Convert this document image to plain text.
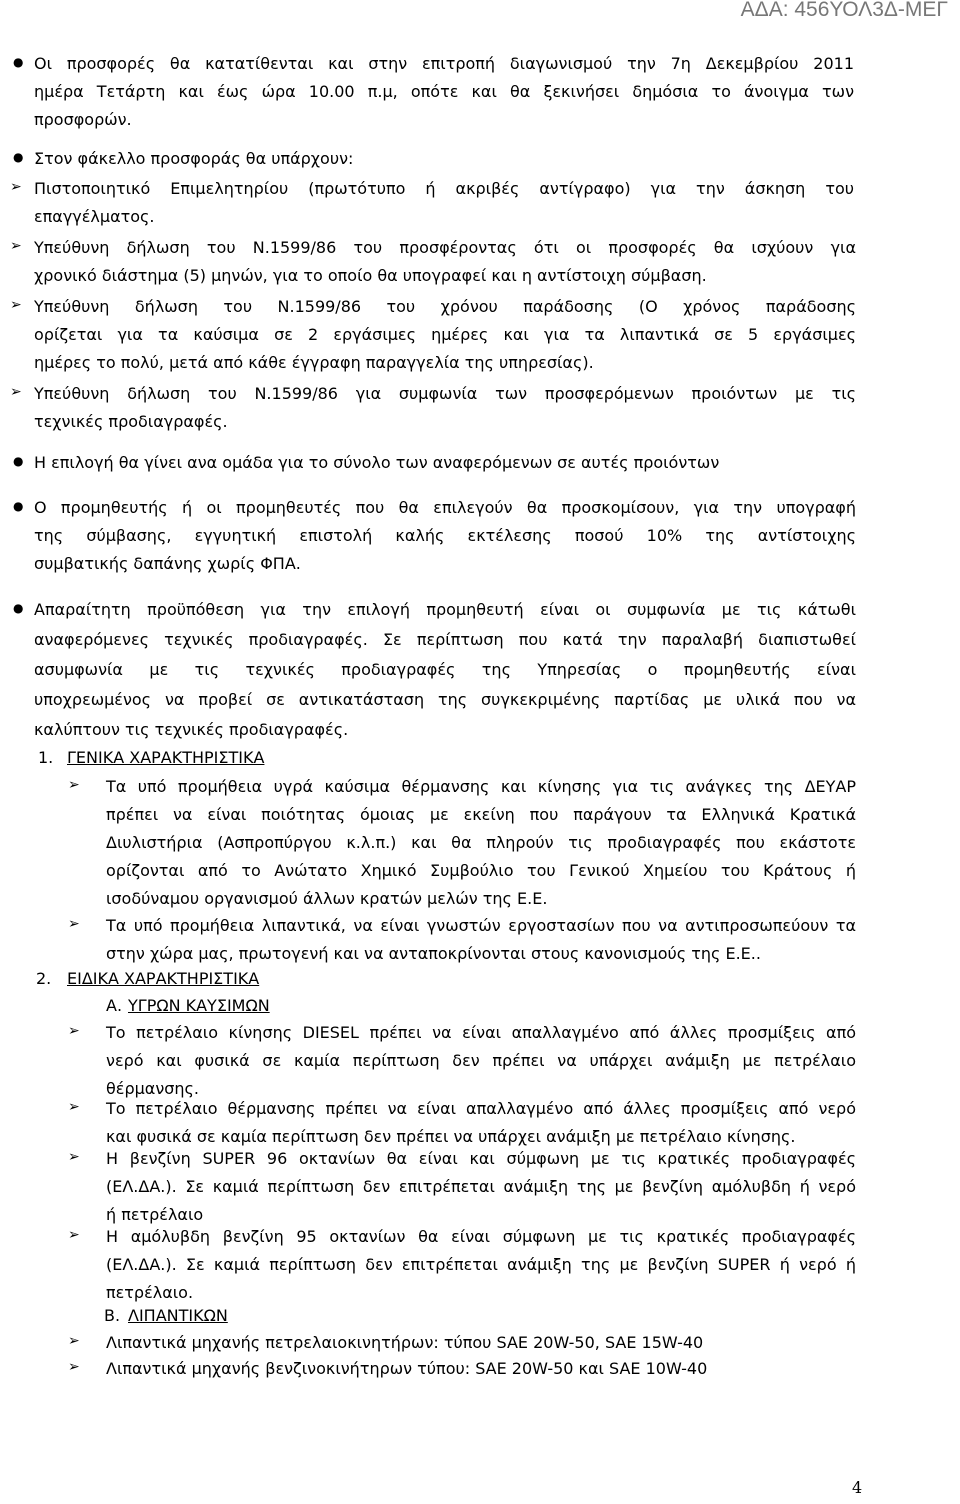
ΑΔΑ: 456ΥΟΛ3Δ-ΜΕΓ
● Οι προσφορές θα κατατίθενται και στην επιτροπή διαγωνισμού την 7η Δεκεμβρίου 2011
ημέρα Τετάρτη και έως ώρα 10.00 π.μ, οπότε και θα ξεκινήσει δημόσια το άνοιγμα των
προσφορών.
● Στον φάκελλο προσφοράς θα υπάρχουν:
➢ Πιστοποιητικό Επιμελητηρίου (πρωτότυπο ή ακριβές αντίγραφο) για την άσκηση του
επαγγέλματος.
➢ Υπεύθυνη δήλωση του Ν.1599/86 του προσφέροντας ότι οι προσφορές θα ισχύουν για
χρονικό διάστημα (5) μηνών, για το οποίο θα υπογραφεί και η αντίστοιχη σύμβαση.
➢ Υπεύθυνη δήλωση του Ν.1599/86 του χρόνου παράδοσης (Ο χρόνος παράδοσης
ορίζεται για τα καύσιμα σε 2 εργάσιμες ημέρες και για τα λιπαντικά σε 5 εργάσιμες
ημέρες το πολύ, μετά από κάθε έγγραφη παραγγελία της υπηρεσίας).
➢ Υπεύθυνη δήλωση του Ν.1599/86 για συμφωνία των προσφερόμενων προιόντων με τις
τεχνικές προδιαγραφές.
● Η επιλογή θα γίνει ανα ομάδα για το σύνολο των αναφερόμενων σε αυτές προιόντων
● Ο προμηθευτής ή οι προμηθευτές που θα επιλεγούν θα προσκομίσουν, για την υπογραφή
της σύμβασης, εγγυητική επιστολή καλής εκτέλεσης ποσού 10% της αντίστοιχης
συμβατικής δαπάνης χωρίς ΦΠΑ.
● Απαραίτητη προϋπόθεση για την επιλογή προμηθευτή είναι οι συμφωνία με τις κάτωθι
αναφερόμενες τεχνικές προδιαγραφές. Σε περίπτωση που κατά την παραλαβή διαπιστωθεί
ασυμφωνία με τις τεχνικές προδιαγραφές της Υπηρεσίας ο προμηθευτής είναι
υποχρεωμένος να προβεί σε αντικατάσταση της συγκεκριμένης παρτίδας με υλικά που να
καλύπτουν τις τεχνικές προδιαγραφές.
1. ΓΕΝΙΚΑ ΧΑΡΑΚΤΗΡΙΣΤΙΚΑ
➢ Τα υπό προμήθεια υγρά καύσιμα θέρμανσης και κίνησης για τις ανάγκες της ΔΕΥΑΡ
πρέπει να είναι ποιότητας όμοιας με εκείνη που παράγουν τα Ελληνικά Κρατικά
Διυλιστήρια (Ασπροπύργου κ.λ.π.) και θα πληρούν τις προδιαγραφές που εκάστοτε
ορίζονται από το Ανώτατο Χημικό Συμβούλιο του Γενικού Χημείου του Κράτους ή
ισοδύναμου οργανισμού άλλων κρατών μελών της Ε.Ε.
➢ Τα υπό προμήθεια λιπαντικά, να είναι γνωστών εργοστασίων που να αντιπροσωπεύουν τα
στην χώρα μας, πρωτογενή και να ανταποκρίνονται στους κανονισμούς της Ε.Ε..
2. ΕΙΔΙΚΑ ΧΑΡΑΚΤΗΡΙΣΤΙΚΑ
Α. ΥΓΡΩΝ ΚΑΥΣΙΜΩΝ
➢ Το πετρέλαιο κίνησης DIESEL πρέπει να είναι απαλλαγμένο από άλλες προσμίξεις από
νερό και φυσικά σε καμία περίπτωση δεν πρέπει να υπάρχει ανάμιξη με πετρέλαιο
θέρμανσης.
➢ Το πετρέλαιο θέρμανσης πρέπει να είναι απαλλαγμένο από άλλες προσμίξεις από νερό
και φυσικά σε καμία περίπτωση δεν πρέπει να υπάρχει ανάμιξη με πετρέλαιο κίνησης.
➢ Η βενζίνη SUPER 96 οκτανίων θα είναι και σύμφωνη με τις κρατικές προδιαγραφές
(ΕΛ.ΔΑ.). Σε καμιά περίπτωση δεν επιτρέπεται ανάμιξη της με βενζίνη αμόλυβδη ή νερό
ή πετρέλαιο
➢ Η αμόλυβδη βενζίνη 95 οκτανίων θα είναι σύμφωνη με τις κρατικές προδιαγραφές
(ΕΛ.ΔΑ.). Σε καμιά περίπτωση δεν επιτρέπεται ανάμιξη της με βενζίνη SUPER ή νερό ή
πετρέλαιο.
Β. ΛΙΠΑΝΤΙΚΩΝ
➢ Λιπαντικά μηχανής πετρελαιοκινητήρων: τύπου SAE 20W-50, SAE 15W-40
➢ Λιπαντικά μηχανής βενζινοκινήτηρων τύπου: SAE 20W-50 και SAE 10W-40
4
